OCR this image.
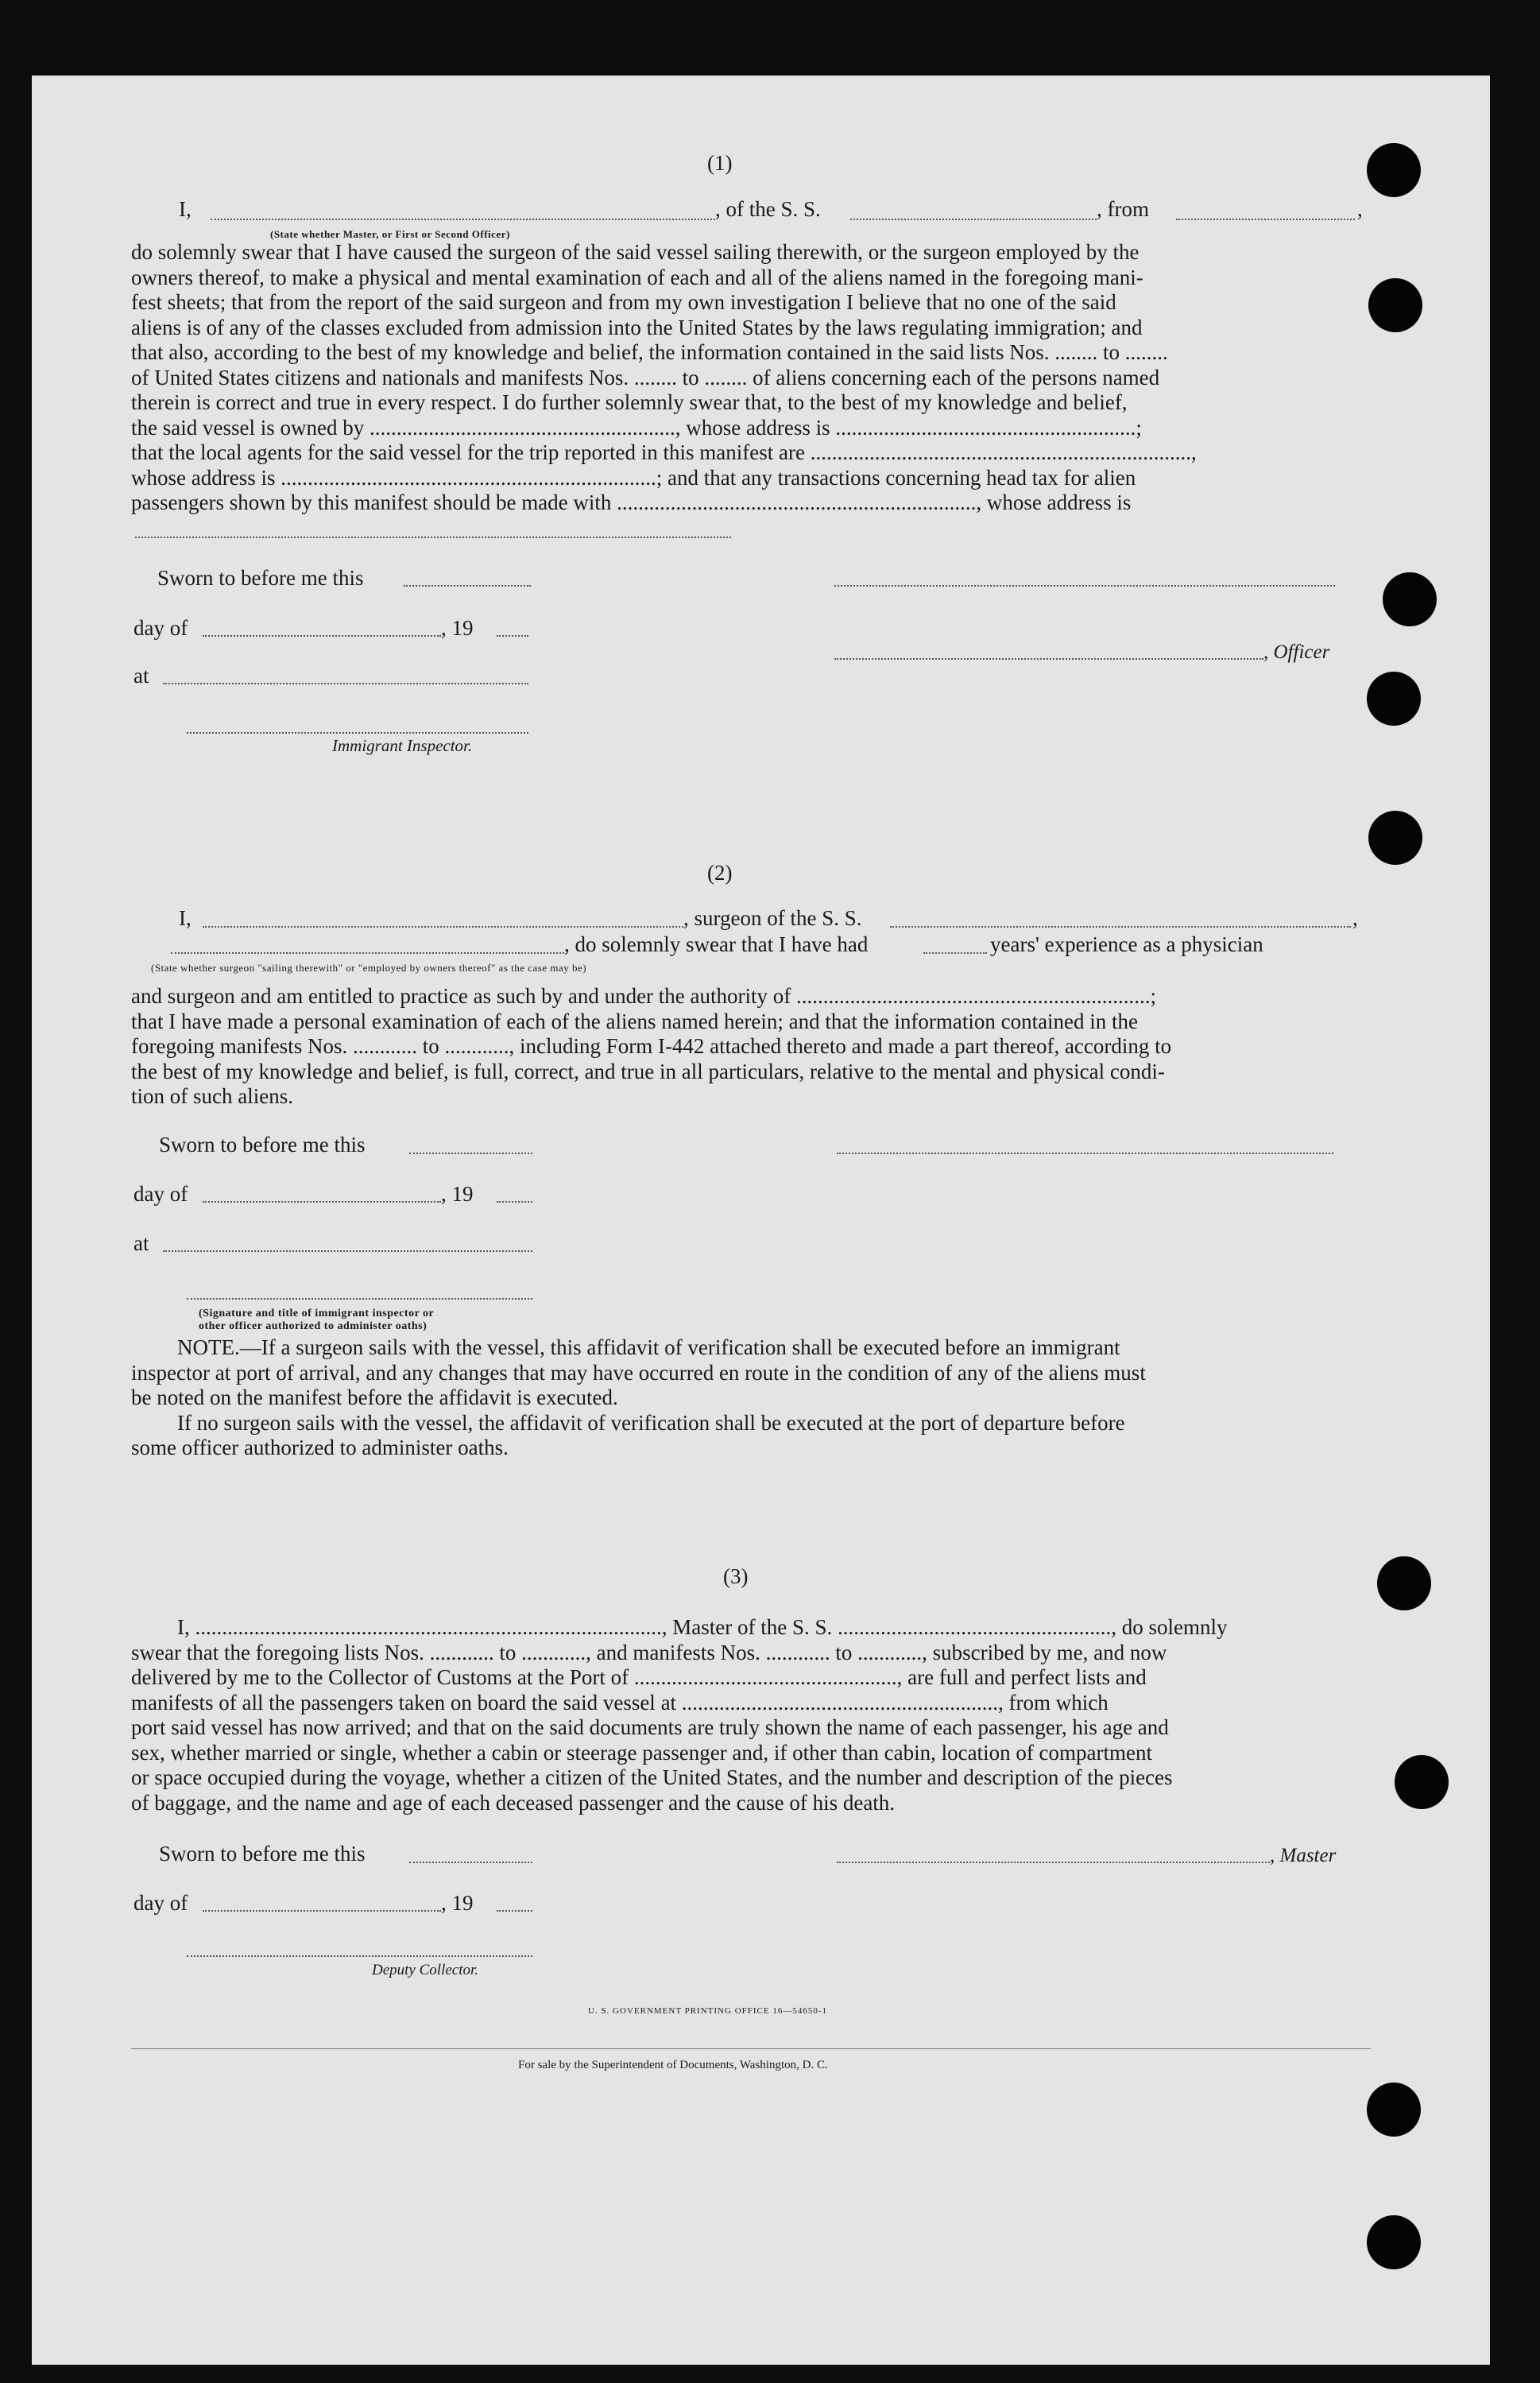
(1)
I,	, of the S. S.	, from	,
(State whether Master, or First or Second Officer)
do solemnly swear that I have caused the surgeon of the said vessel sailing therewith, or the surgeon employed by the
owners thereof, to make a physical and mental examination of each and all of the aliens named in the foregoing mani-
fest sheets; that from the report of the said surgeon and from my own investigation I believe that no one of the said
aliens is of any of the classes excluded from admission into the United States by the laws regulating immigration; and
that also, according to the best of my knowledge and belief, the information contained in the said lists Nos. ........ to ........
of United States citizens and nationals and manifests Nos. ........ to ........ of aliens concerning each of the persons named
therein is correct and true in every respect. I do further solemnly swear that, to the best of my knowledge and belief,
the said vessel is owned by ........................................................., whose address is ........................................................;
that the local agents for the said vessel for the trip reported in this manifest are .......................................................................,
whose address is ......................................................................; and that any transactions concerning head tax for alien
passengers shown by this manifest should be made with ..................................................................., whose address is
Sworn to before me this
day of	, 19
at
, Officer
Immigrant Inspector.
(2)
I,	, surgeon of the S. S.	,
, do solemnly swear that I have had	years' experience as a physician
(State whether surgeon "sailing therewith" or "employed by owners thereof" as the case may be)
and surgeon and am entitled to practice as such by and under the authority of ..................................................................;
that I have made a personal examination of each of the aliens named herein; and that the information contained in the
foregoing manifests Nos. ............ to ............, including Form I-442 attached thereto and made a part thereof, according to
the best of my knowledge and belief, is full, correct, and true in all particulars, relative to the mental and physical condi-
tion of such aliens.
Sworn to before me this
day of	, 19
at
(Signature and title of immigrant inspector or
other officer authorized to administer oaths)
NOTE.—If a surgeon sails with the vessel, this affidavit of verification shall be executed before an immigrant
inspector at port of arrival, and any changes that may have occurred en route in the condition of any of the aliens must
be noted on the manifest before the affidavit is executed.
If no surgeon sails with the vessel, the affidavit of verification shall be executed at the port of departure before
some officer authorized to administer oaths.
(3)
I, ......................................................................................., Master of the S. S. ..................................................., do solemnly
swear that the foregoing lists Nos. ............ to ............, and manifests Nos. ............ to ............, subscribed by me, and now
delivered by me to the Collector of Customs at the Port of ................................................., are full and perfect lists and
manifests of all the passengers taken on board the said vessel at ..........................................................., from which
port said vessel has now arrived; and that on the said documents are truly shown the name of each passenger, his age and
sex, whether married or single, whether a cabin or steerage passenger and, if other than cabin, location of compartment
or space occupied during the voyage, whether a citizen of the United States, and the number and description of the pieces
of baggage, and the name and age of each deceased passenger and the cause of his death.
Sworn to before me this	, Master
day of	, 19
Deputy Collector.
U. S. GOVERNMENT PRINTING OFFICE 16—54650-1
For sale by the Superintendent of Documents, Washington, D. C.
